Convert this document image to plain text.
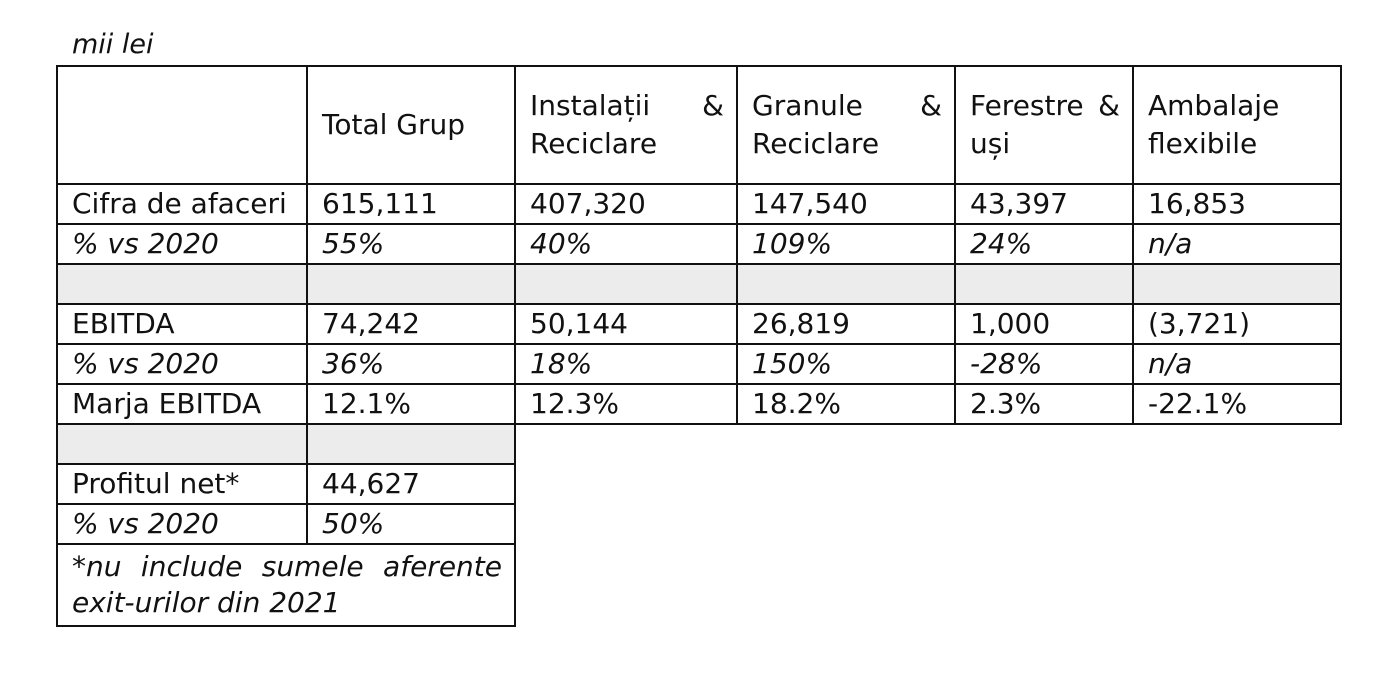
mii lei
	Total Grup	Instalații & Reciclare	Granule & Reciclare	Ferestre & uși	Ambalaje flexibile
Cifra de afaceri	615,111	407,320	147,540	43,397	16,853
% vs 2020	55%	40%	109%	24%	n/a

EBITDA	74,242	50,144	26,819	1,000	(3,721)
% vs 2020	36%	18%	150%	-28%	n/a
Marja EBITDA	12.1%	12.3%	18.2%	2.3%	-22.1%

Profitul net*	44,627				
% vs 2020	50%				
*nu include sumele aferente exit-urilor din 2021					
